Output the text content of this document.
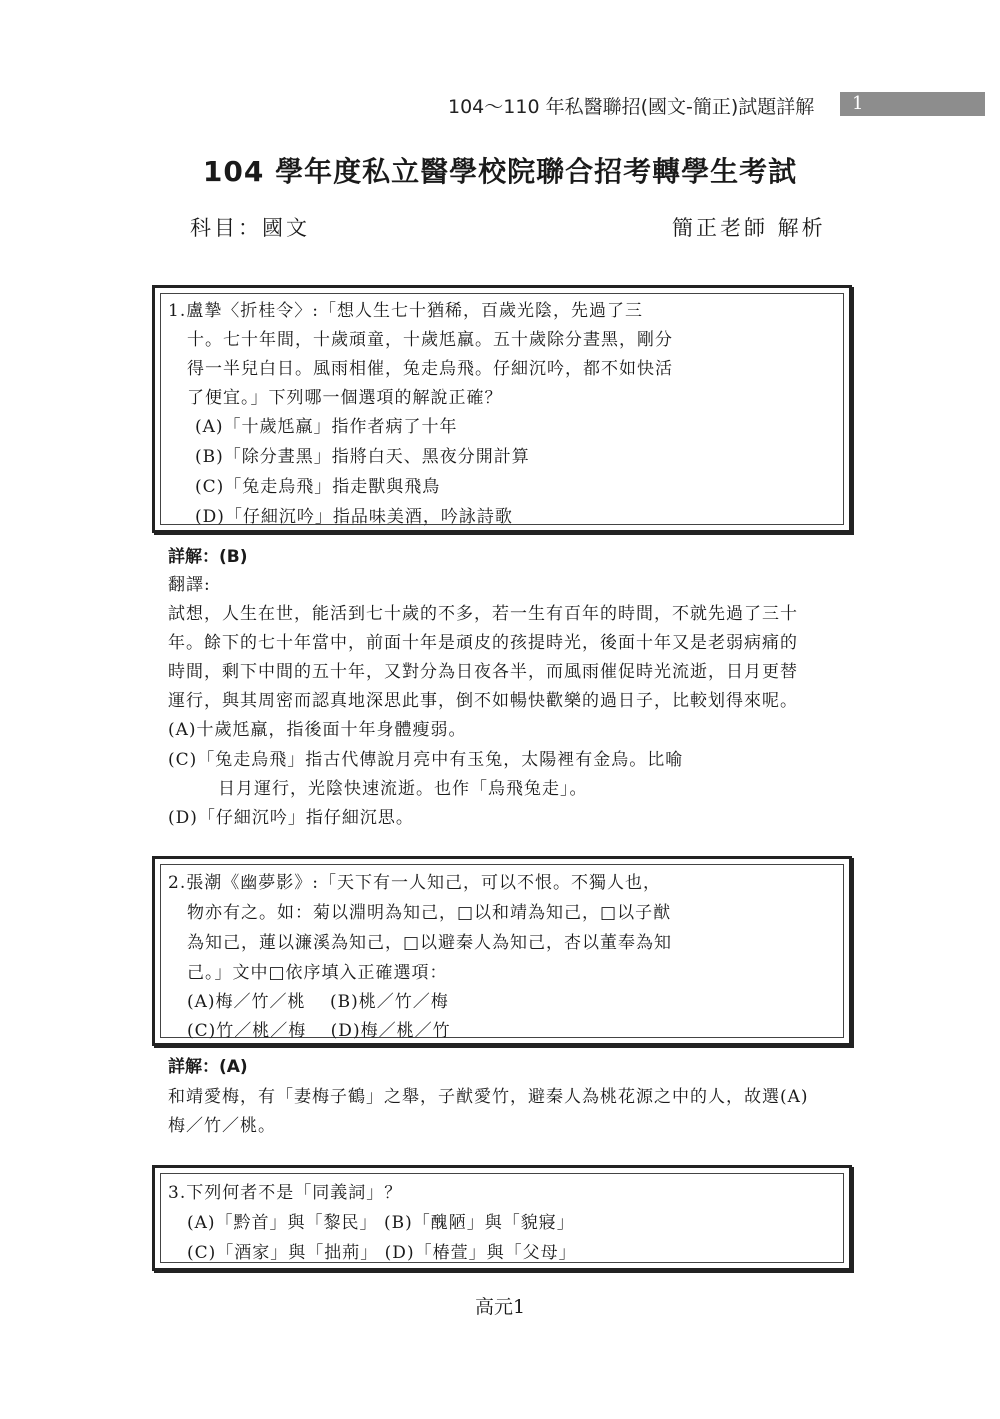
104～110 年私醫聯招(國文-簡正)試題詳解 1
104 學年度私立醫學校院聯合招考轉學生考試
科目：國文	簡正老師 解析
1.盧摯〈折桂令〉:「想人生七十猶稀，百歲光陰，先過了三
十。七十年間，十歲頑童，十歲尪羸。五十歲除分晝黑，剛分
得一半兒白日。風雨相催，兔走烏飛。仔細沉吟，都不如快活
了便宜。」下列哪一個選項的解說正確？
(A)「十歲尪羸」指作者病了十年
(B)「除分晝黑」指將白天、黑夜分開計算
(C)「兔走烏飛」指走獸與飛鳥
(D)「仔細沉吟」指品味美酒，吟詠詩歌
詳解：(B)
翻譯:
試想，人生在世，能活到七十歲的不多，若一生有百年的時間，不就先過了三十
年。餘下的七十年當中，前面十年是頑皮的孩提時光，後面十年又是老弱病痛的
時間，剩下中間的五十年，又對分為日夜各半，而風雨催促時光流逝，日月更替
運行，與其周密而認真地深思此事，倒不如暢快歡樂的過日子，比較划得來呢。
(A)十歲尪羸，指後面十年身體瘦弱。
(C)「兔走烏飛」指古代傳說月亮中有玉兔，太陽裡有金烏。比喻
日月運行，光陰快速流逝。也作「烏飛兔走」。
(D)「仔細沉吟」指仔細沉思。
2.張潮《幽夢影》:「天下有一人知己，可以不恨。不獨人也，
物亦有之。如：菊以淵明為知己，□以和靖為知己，□以子猷
為知己，蓮以濂溪為知己，□以避秦人為知己，杏以董奉為知
己。」文中□依序填入正確選項：
(A)梅／竹／桃　 (B)桃／竹／梅
(C)竹／桃／梅　 (D)梅／桃／竹
詳解：(A)
和靖愛梅，有「妻梅子鶴」之舉，子猷愛竹，避秦人為桃花源之中的人，故選(A)
梅／竹／桃。
3.下列何者不是「同義詞」？
(A)「黔首」與「黎民」 (B)「醜陋」與「貌寢」
(C)「酒家」與「拙荊」 (D)「椿萱」與「父母」
高元1
